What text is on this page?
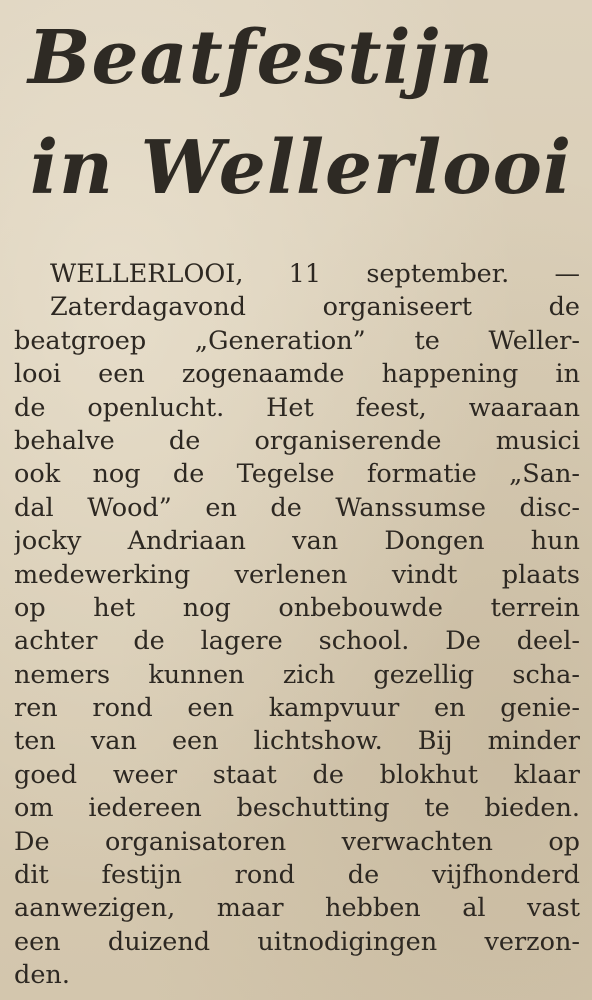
Beatfestijn
in Wellerlooi
WELLERLOOI, 11 september. —
Zaterdagavond organiseert de
beatgroep „Generation” te Weller-
looi een zogenaamde happening in
de openlucht. Het feest, waaraan
behalve de organiserende musici
ook nog de Tegelse formatie „San-
dal Wood” en de Wanssumse disc-
jocky Andriaan van Dongen hun
medewerking verlenen vindt plaats
op het nog onbebouwde terrein
achter de lagere school. De deel-
nemers kunnen zich gezellig scha-
ren rond een kampvuur en genie-
ten van een lichtshow. Bij minder
goed weer staat de blokhut klaar
om iedereen beschutting te bieden.
De organisatoren verwachten op
dit festijn rond de vijfhonderd
aanwezigen, maar hebben al vast
een duizend uitnodigingen verzon-
den.
